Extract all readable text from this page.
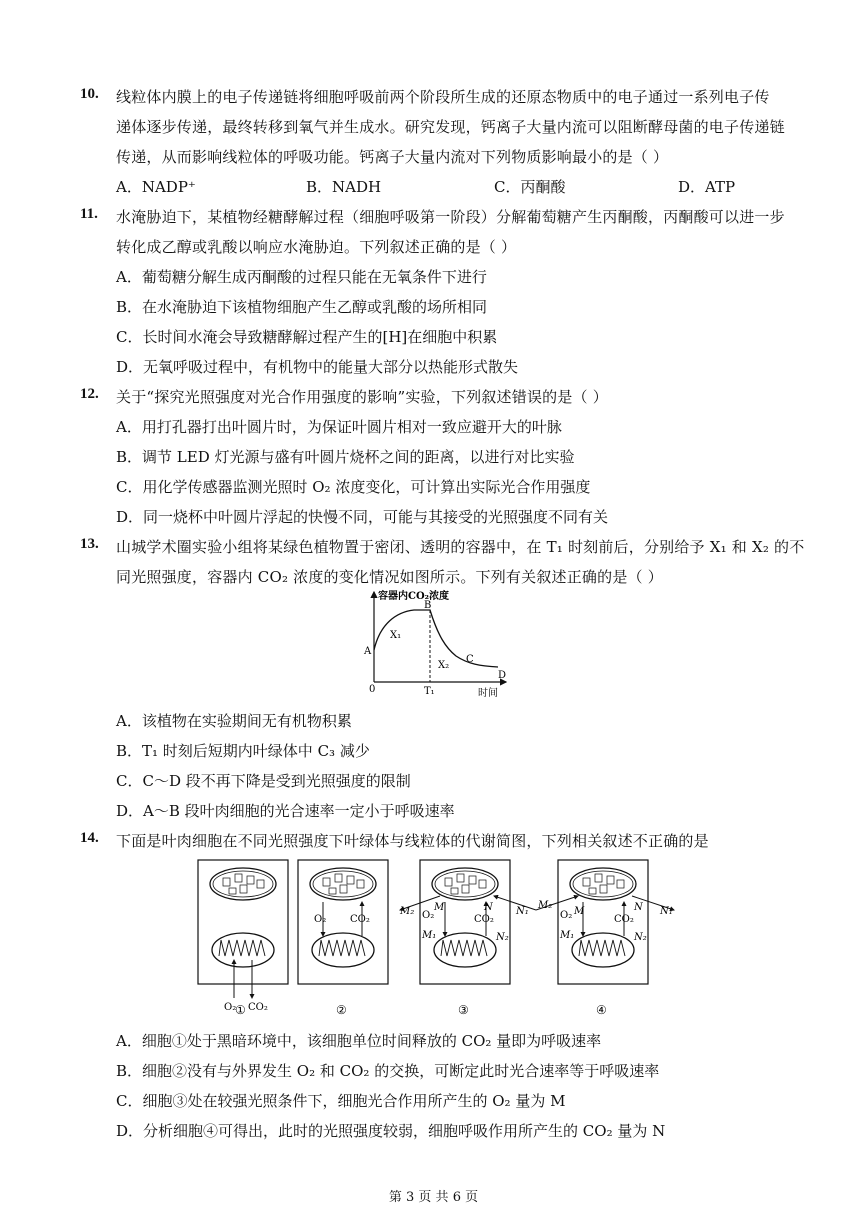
10. 线粒体内膜上的电子传递链将细胞呼吸前两个阶段所生成的还原态物质中的电子通过一系列电子传
递体逐步传递，最终转移到氧气并生成水。研究发现，钙离子大量内流可以阻断酵母菌的电子传递链
传递，从而影响线粒体的呼吸功能。钙离子大量内流对下列物质影响最小的是（ ）
A．NADP⁺	B．NADH	C．丙酮酸	D．ATP
11. 水淹胁迫下，某植物经糖酵解过程（细胞呼吸第一阶段）分解葡萄糖产生丙酮酸，丙酮酸可以进一步
转化成乙醇或乳酸以响应水淹胁迫。下列叙述正确的是（ ）
A．葡萄糖分解生成丙酮酸的过程只能在无氧条件下进行
B．在水淹胁迫下该植物细胞产生乙醇或乳酸的场所相同
C．长时间水淹会导致糖酵解过程产生的[H]在细胞中积累
D．无氧呼吸过程中，有机物中的能量大部分以热能形式散失
12. 关于“探究光照强度对光合作用强度的影响”实验，下列叙述错误的是（ ）
A．用打孔器打出叶圆片时，为保证叶圆片相对一致应避开大的叶脉
B．调节 LED 灯光源与盛有叶圆片烧杯之间的距离，以进行对比实验
C．用化学传感器监测光照时 O₂ 浓度变化，可计算出实际光合作用强度
D．同一烧杯中叶圆片浮起的快慢不同，可能与其接受的光照强度不同有关
13. 山城学术圈实验小组将某绿色植物置于密闭、透明的容器中，在 T₁ 时刻前后，分别给予 X₁ 和 X₂ 的不
同光照强度，容器内 CO₂ 浓度的变化情况如图所示。下列有关叙述正确的是（ ）
容器内CO₂浓度
时间
0	T₁
A
B
C
D
X₁
X₂
A．该植物在实验期间无有机物积累
B．T₁ 时刻后短期内叶绿体中 C₃ 减少
C．C～D 段不再下降是受到光照强度的限制
D．A～B 段叶肉细胞的光合速率一定小于呼吸速率
14. 下面是叶肉细胞在不同光照强度下叶绿体与线粒体的代谢简图，下列相关叙述不正确的是
O₂ CO₂
O₂ CO₂	O₂	CO₂
M	N
M₁	N₂
M₂	N₁	O₂	CO₂
M	N
M₁	N₂
M₂
N₁
①	②	③	④
A．细胞①处于黑暗环境中，该细胞单位时间释放的 CO₂ 量即为呼吸速率
B．细胞②没有与外界发生 O₂ 和 CO₂ 的交换，可断定此时光合速率等于呼吸速率
C．细胞③处在较强光照条件下，细胞光合作用所产生的 O₂ 量为 M
D．分析细胞④可得出，此时的光照强度较弱，细胞呼吸作用所产生的 CO₂ 量为 N
第 3 页 共 6 页
